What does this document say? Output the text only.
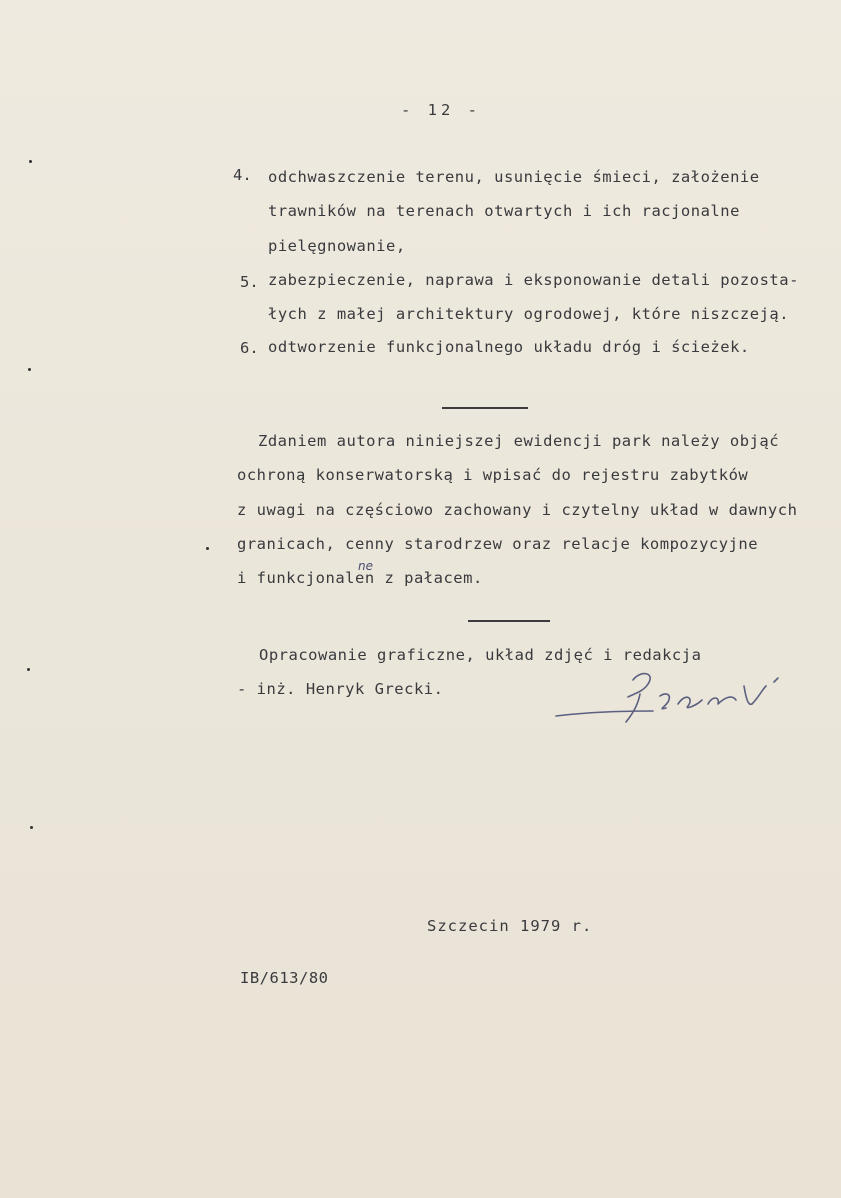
- 12 -
4. odchwaszczenie terenu, usunięcie śmieci, założenie
trawników na terenach otwartych i ich racjonalne
pielęgnowanie,
5. zabezpieczenie, naprawa i eksponowanie detali pozosta-
łych z małej architektury ogrodowej, które niszczeją.
6. odtworzenie funkcjonalnego układu dróg i ścieżek.
Zdaniem autora niniejszej ewidencji park należy objąć
ochroną konserwatorską i wpisać do rejestru zabytków
z uwagi na częściowo zachowany i czytelny układ w dawnych
granicach, cenny starodrzew oraz relacje kompozycyjne
i funkcjonalen z pałacem.
ne
Opracowanie graficzne, układ zdjęć i redakcja
- inż. Henryk Grecki.
Szczecin 1979 r.
IB/613/80
